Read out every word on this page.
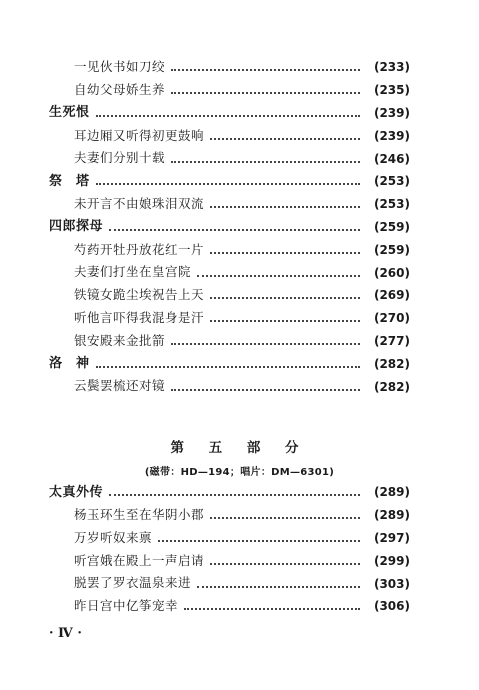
一见伙书如刀绞	(233)
自幼父母娇生养	(235)
生死恨	(239)
耳边厢又听得初更鼓响	(239)
夫妻们分别十载	(246)
祭　塔	(253)
未开言不由娘珠泪双流	(253)
四郎探母	(259)
芍药开牡丹放花红一片	(259)
夫妻们打坐在皇宫院	(260)
铁镜女跪尘埃祝告上天	(269)
听他言吓得我混身是汗	(270)
银安殿来金批箭	(277)
洛　神	(282)
云鬓罢梳还对镜	(282)
第 五 部 分
(磁带：HD—194；唱片：DM—6301)
太真外传	(289)
杨玉环生至在华阴小郡	(289)
万岁听奴来禀	(297)
听宫娥在殿上一声启请	(299)
脱罢了罗衣温泉来进	(303)
昨日宫中亿筝宠幸	(306)
· Ⅳ ·
